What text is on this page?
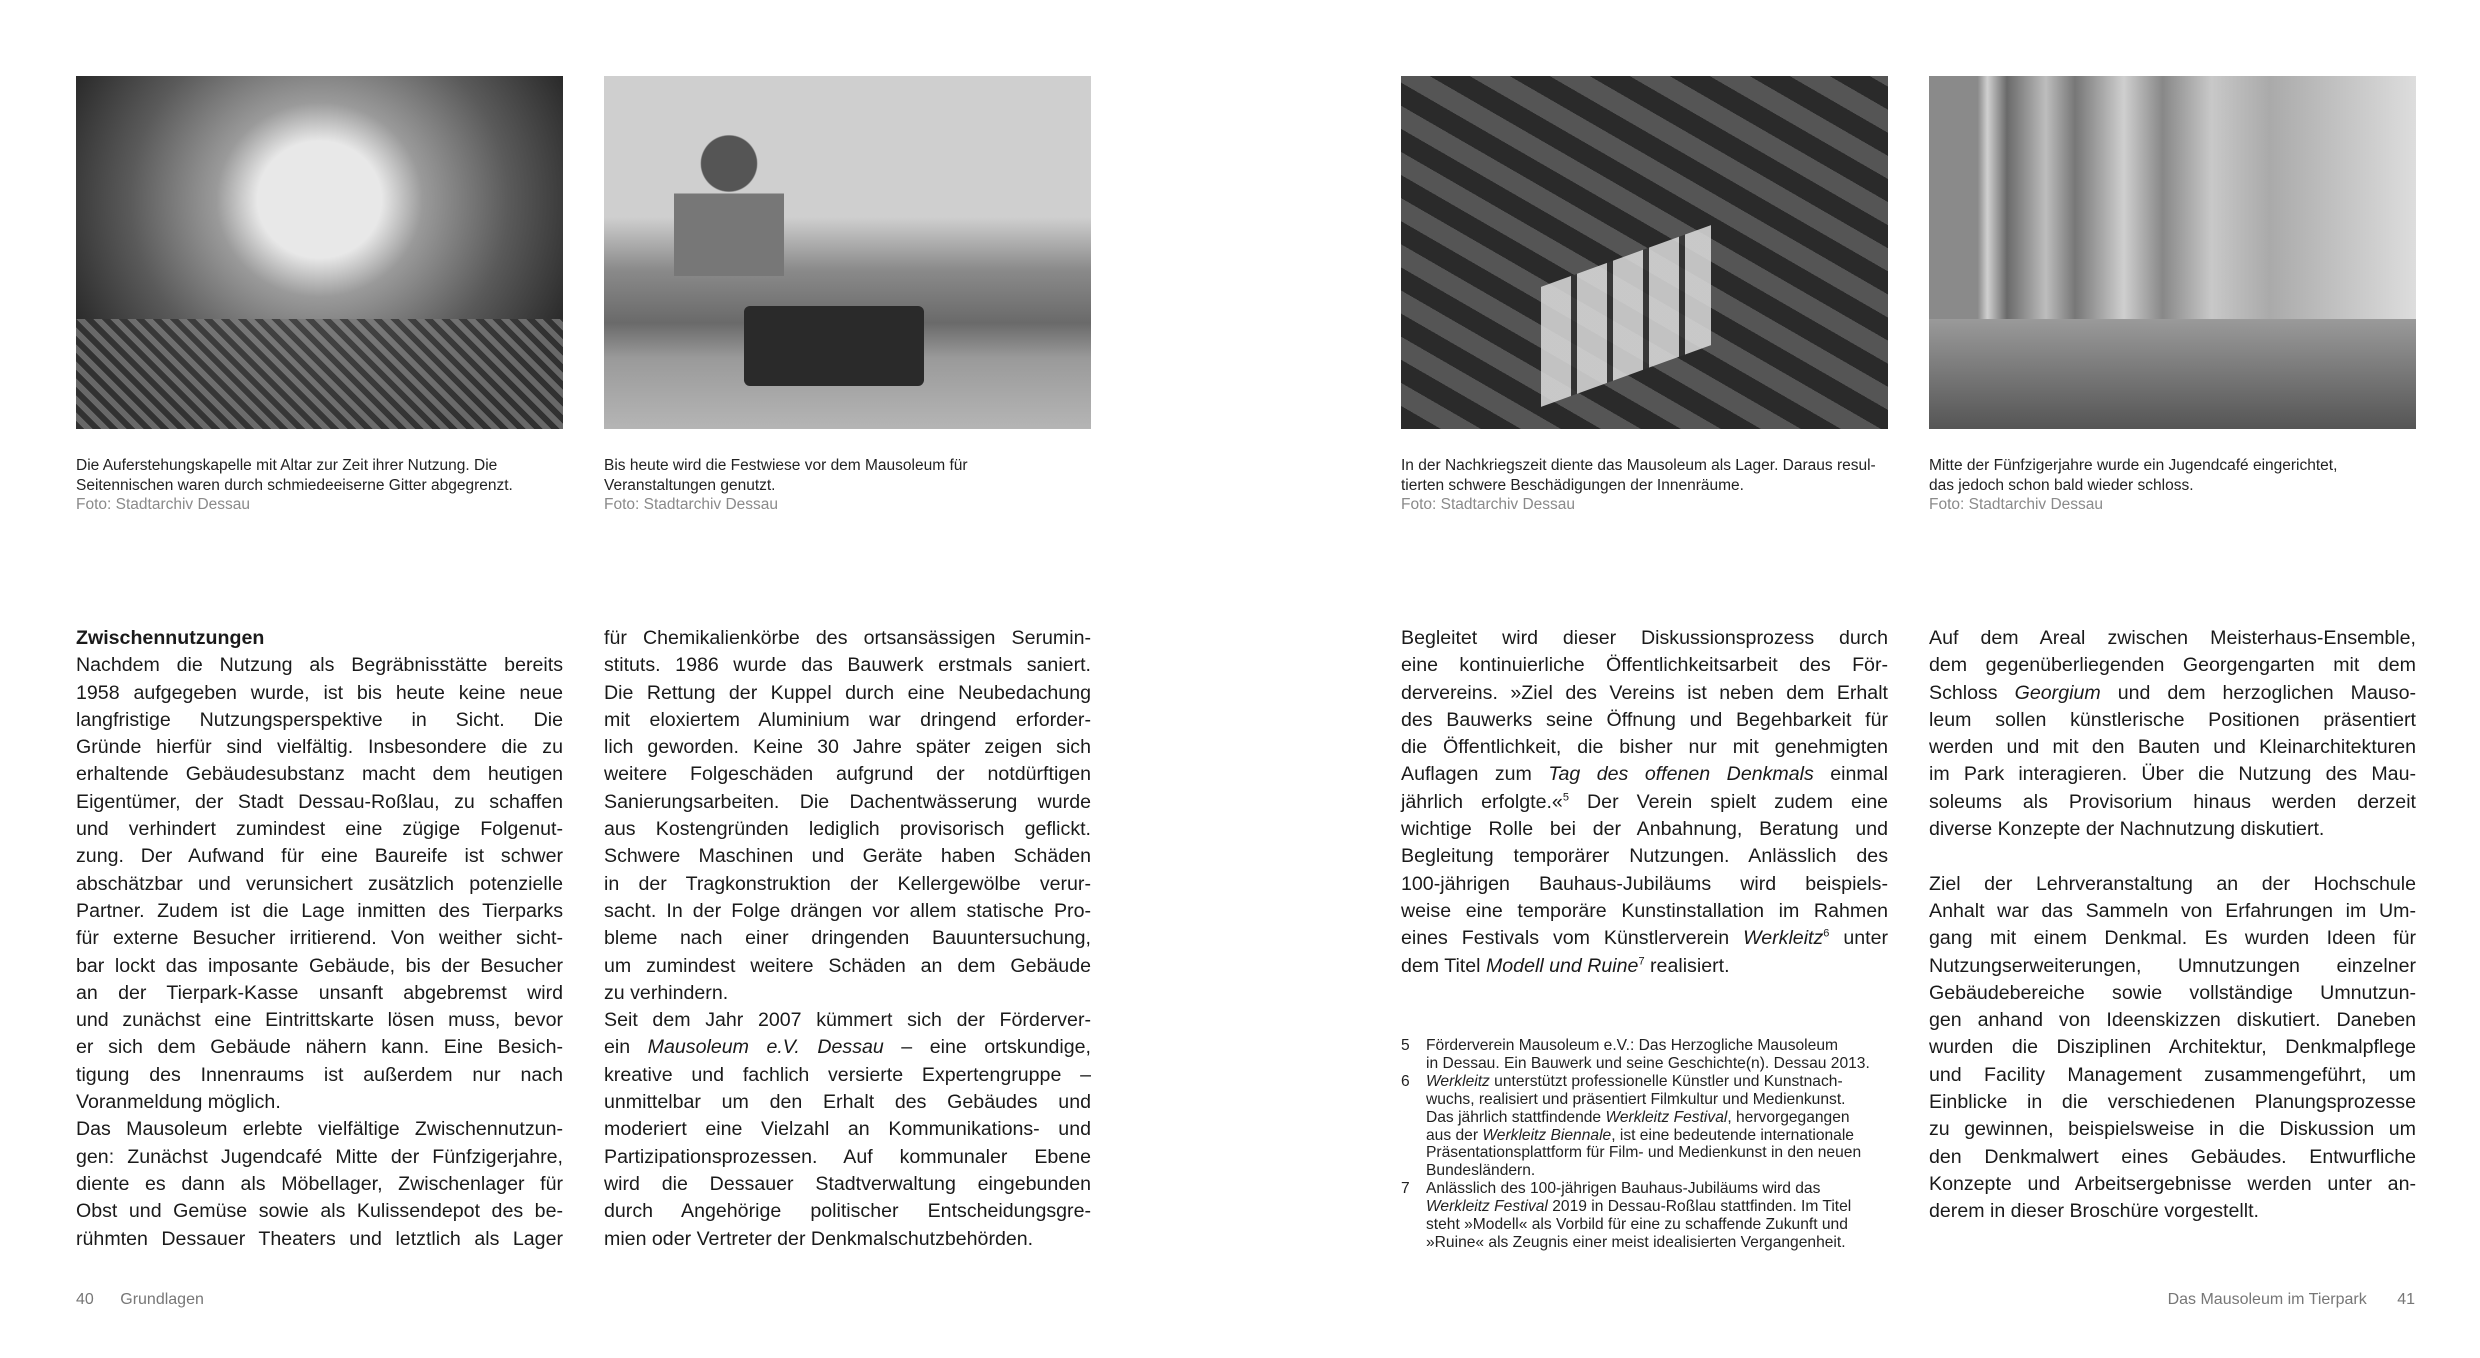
Die Auferstehungskapelle mit Altar zur Zeit ihrer Nutzung. Die
Seitennischen waren durch schmiedeeiserne Gitter abgegrenzt.
Foto: Stadtarchiv Dessau
Bis heute wird die Festwiese vor dem Mausoleum für
Veranstaltungen genutzt.
Foto: Stadtarchiv Dessau
In der Nachkriegszeit diente das Mausoleum als Lager. Daraus resul-
tierten schwere Beschädigungen der Innenräume.
Foto: Stadtarchiv Dessau
Mitte der Fünfzigerjahre wurde ein Jugendcafé eingerichtet,
das jedoch schon bald wieder schloss.
Foto: Stadtarchiv Dessau
Zwischennutzungen
Nachdem die Nutzung als Begräbnisstätte bereits
1958 aufgegeben wurde, ist bis heute keine neue
langfristige Nutzungsperspektive in Sicht. Die
Gründe hierfür sind vielfältig. Insbesondere die zu
erhaltende Gebäudesubstanz macht dem heutigen
Eigentümer, der Stadt Dessau-Roßlau, zu schaffen
und verhindert zumindest eine zügige Folgenut-
zung. Der Aufwand für eine Baureife ist schwer
abschätzbar und verunsichert zusätzlich potenzielle
Partner. Zudem ist die Lage inmitten des Tierparks
für externe Besucher irritierend. Von weither sicht-
bar lockt das imposante Gebäude, bis der Besucher
an der Tierpark-Kasse unsanft abgebremst wird
und zunächst eine Eintrittskarte lösen muss, bevor
er sich dem Gebäude nähern kann. Eine Besich-
tigung des Innenraums ist außerdem nur nach
Voranmeldung möglich.
Das Mausoleum erlebte vielfältige Zwischennutzun-
gen: Zunächst Jugendcafé Mitte der Fünfzigerjahre,
diente es dann als Möbellager, Zwischenlager für
Obst und Gemüse sowie als Kulissendepot des be-
rühmten Dessauer Theaters und letztlich als Lager
für Chemikalienkörbe des ortsansässigen Serumin-
stituts. 1986 wurde das Bauwerk erstmals saniert.
Die Rettung der Kuppel durch eine Neubedachung
mit eloxiertem Aluminium war dringend erforder-
lich geworden. Keine 30 Jahre später zeigen sich
weitere Folgeschäden aufgrund der notdürftigen
Sanierungsarbeiten. Die Dachentwässerung wurde
aus Kostengründen lediglich provisorisch geflickt.
Schwere Maschinen und Geräte haben Schäden
in der Tragkonstruktion der Kellergewölbe verur-
sacht. In der Folge drängen vor allem statische Pro-
bleme nach einer dringenden Bauuntersuchung,
um zumindest weitere Schäden an dem Gebäude
zu verhindern.
Seit dem Jahr 2007 kümmert sich der Förderver-
ein Mausoleum e.V. Dessau – eine ortskundige,
kreative und fachlich versierte Expertengruppe –
unmittelbar um den Erhalt des Gebäudes und
moderiert eine Vielzahl an Kommunikations- und
Partizipationsprozessen. Auf kommunaler Ebene
wird die Dessauer Stadtverwaltung eingebunden
durch Angehörige politischer Entscheidungsgre-
mien oder Vertreter der Denkmalschutzbehörden.
Begleitet wird dieser Diskussionsprozess durch
eine kontinuierliche Öffentlichkeitsarbeit des För-
dervereins. »Ziel des Vereins ist neben dem Erhalt
des Bauwerks seine Öffnung und Begehbarkeit für
die Öffentlichkeit, die bisher nur mit genehmigten
Auflagen zum Tag des offenen Denkmals einmal
jährlich erfolgte.«$^5$ Der Verein spielt zudem eine
wichtige Rolle bei der Anbahnung, Beratung und
Begleitung temporärer Nutzungen. Anlässlich des
100-jährigen Bauhaus-Jubiläums wird beispiels-
weise eine temporäre Kunstinstallation im Rahmen
eines Festivals vom Künstlerverein Werkleitz$^6$ unter
dem Titel Modell und Ruine$^7$ realisiert.
Auf dem Areal zwischen Meisterhaus-Ensemble,
dem gegenüberliegenden Georgengarten mit dem
Schloss Georgium und dem herzoglichen Mauso-
leum sollen künstlerische Positionen präsentiert
werden und mit den Bauten und Kleinarchitekturen
im Park interagieren. Über die Nutzung des Mau-
soleums als Provisorium hinaus werden derzeit
diverse Konzepte der Nachnutzung diskutiert.
Ziel der Lehrveranstaltung an der Hochschule
Anhalt war das Sammeln von Erfahrungen im Um-
gang mit einem Denkmal. Es wurden Ideen für
Nutzungserweiterungen, Umnutzungen einzelner
Gebäudebereiche sowie vollständige Umnutzun-
gen anhand von Ideenskizzen diskutiert. Daneben
wurden die Disziplinen Architektur, Denkmalpflege
und Facility Management zusammengeführt, um
Einblicke in die verschiedenen Planungsprozesse
zu gewinnen, beispielsweise in die Diskussion um
den Denkmalwert eines Gebäudes. Entwurfliche
Konzepte und Arbeitsergebnisse werden unter an-
derem in dieser Broschüre vorgestellt.
5 Förderverein Mausoleum e.V.: Das Herzogliche Mausoleum
in Dessau. Ein Bauwerk und seine Geschichte(n). Dessau 2013.
6 Werkleitz unterstützt professionelle Künstler und Kunstnach-
wuchs, realisiert und präsentiert Filmkultur und Medienkunst.
Das jährlich stattfindende Werkleitz Festival, hervorgegangen
aus der Werkleitz Biennale, ist eine bedeutende internationale
Präsentationsplattform für Film- und Medienkunst in den neuen
Bundesländern.
7 Anlässlich des 100-jährigen Bauhaus-Jubiläums wird das
Werkleitz Festival 2019 in Dessau-Roßlau stattfinden. Im Titel
steht »Modell« als Vorbild für eine zu schaffende Zukunft und
»Ruine« als Zeugnis einer meist idealisierten Vergangenheit.
40 Grundlagen	Das Mausoleum im Tierpark 41
